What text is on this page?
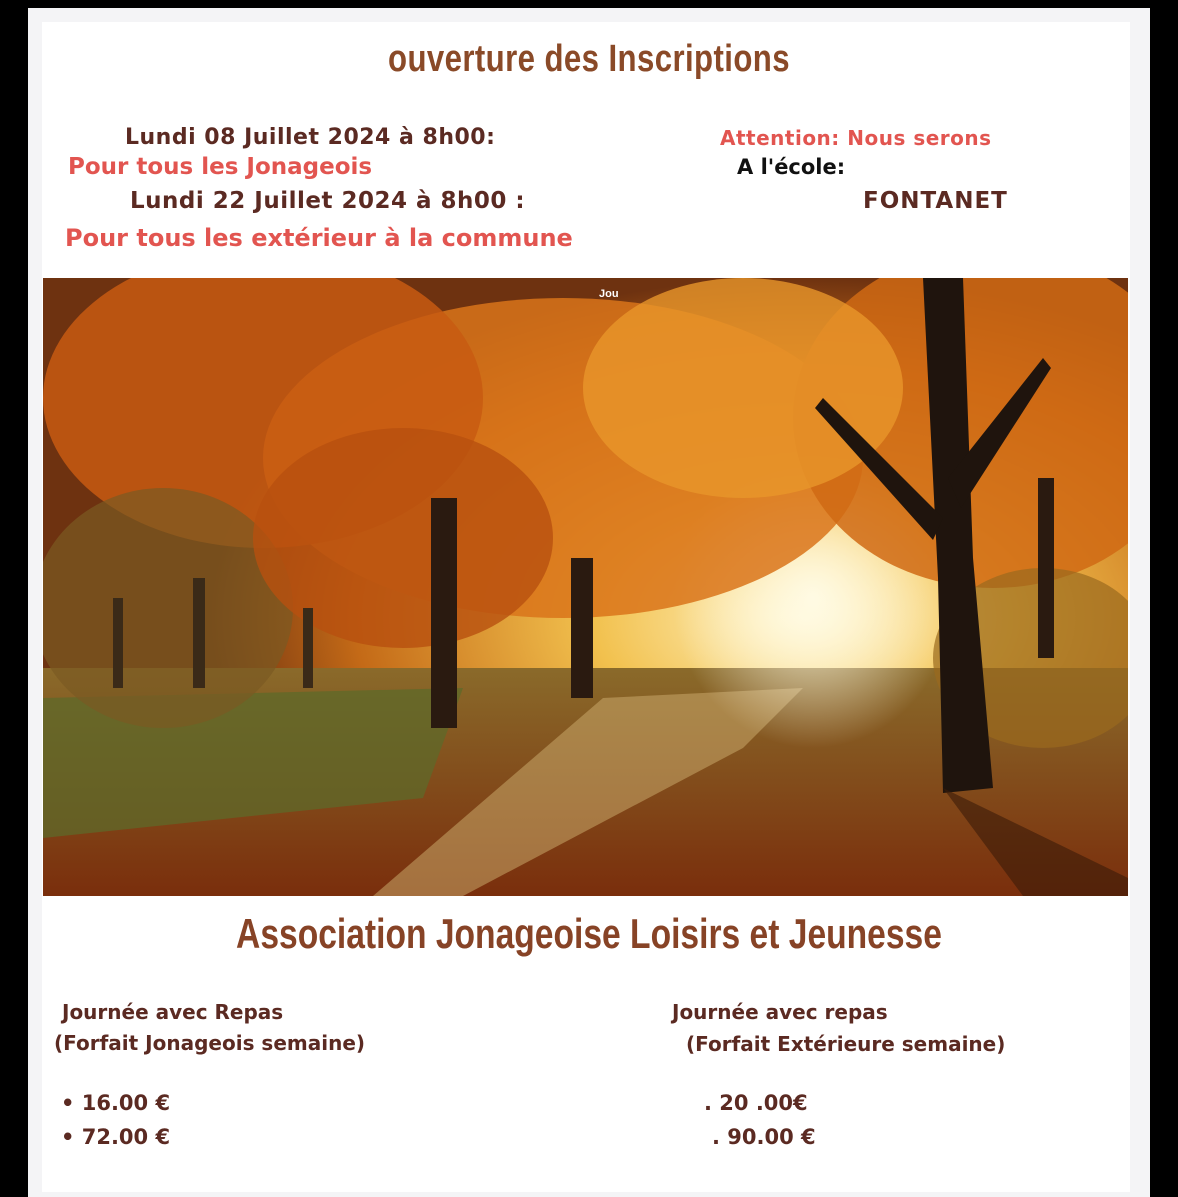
ouverture des Inscriptions
Lundi 08 Juillet 2024 à 8h00:
Pour tous les Jonageois
Lundi 22 Juillet 2024 à 8h00 :
Pour tous les extérieur à la commune
Attention: Nous serons
A l'école:
FONTANET
Jou
Association Jonageoise Loisirs et Jeunesse
Journée avec Repas
(Forfait Jonageois semaine)
• 16.00 €
• 72.00 €
Journée avec repas
(Forfait Extérieure semaine)
. 20 .00€
. 90.00 €
